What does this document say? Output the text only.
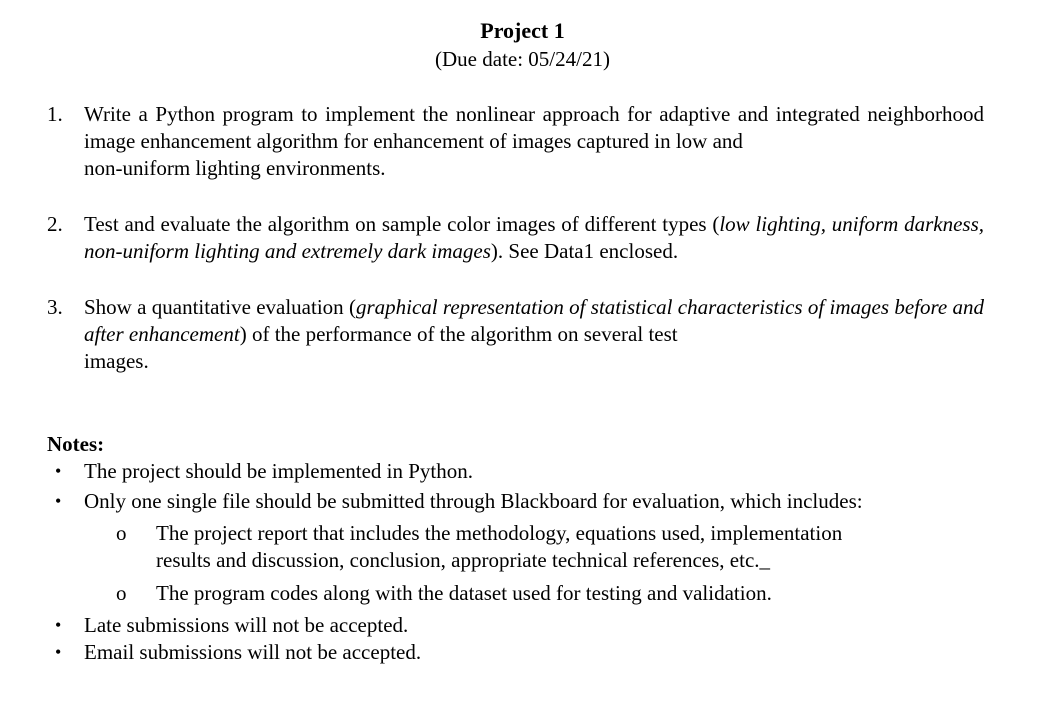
Project 1
(Due date: 05/24/21)
1. Write a Python program to implement the nonlinear approach for adaptive and integrated neighborhood image enhancement algorithm for enhancement of images captured in low and
non-uniform lighting environments.
2. Test and evaluate the algorithm on sample color images of different types (low lighting, uniform darkness, non-uniform lighting and extremely dark images). See Data1 enclosed.
3. Show a quantitative evaluation (graphical representation of statistical characteristics of images before and after enhancement) of the performance of the algorithm on several test
images.
Notes:
• The project should be implemented in Python.
• Only one single file should be submitted through Blackboard for evaluation, which includes:
o The project report that includes the methodology, equations used, implementation
results and discussion, conclusion, appropriate technical references, etc._
o The program codes along with the dataset used for testing and validation.
• Late submissions will not be accepted.
• Email submissions will not be accepted.
